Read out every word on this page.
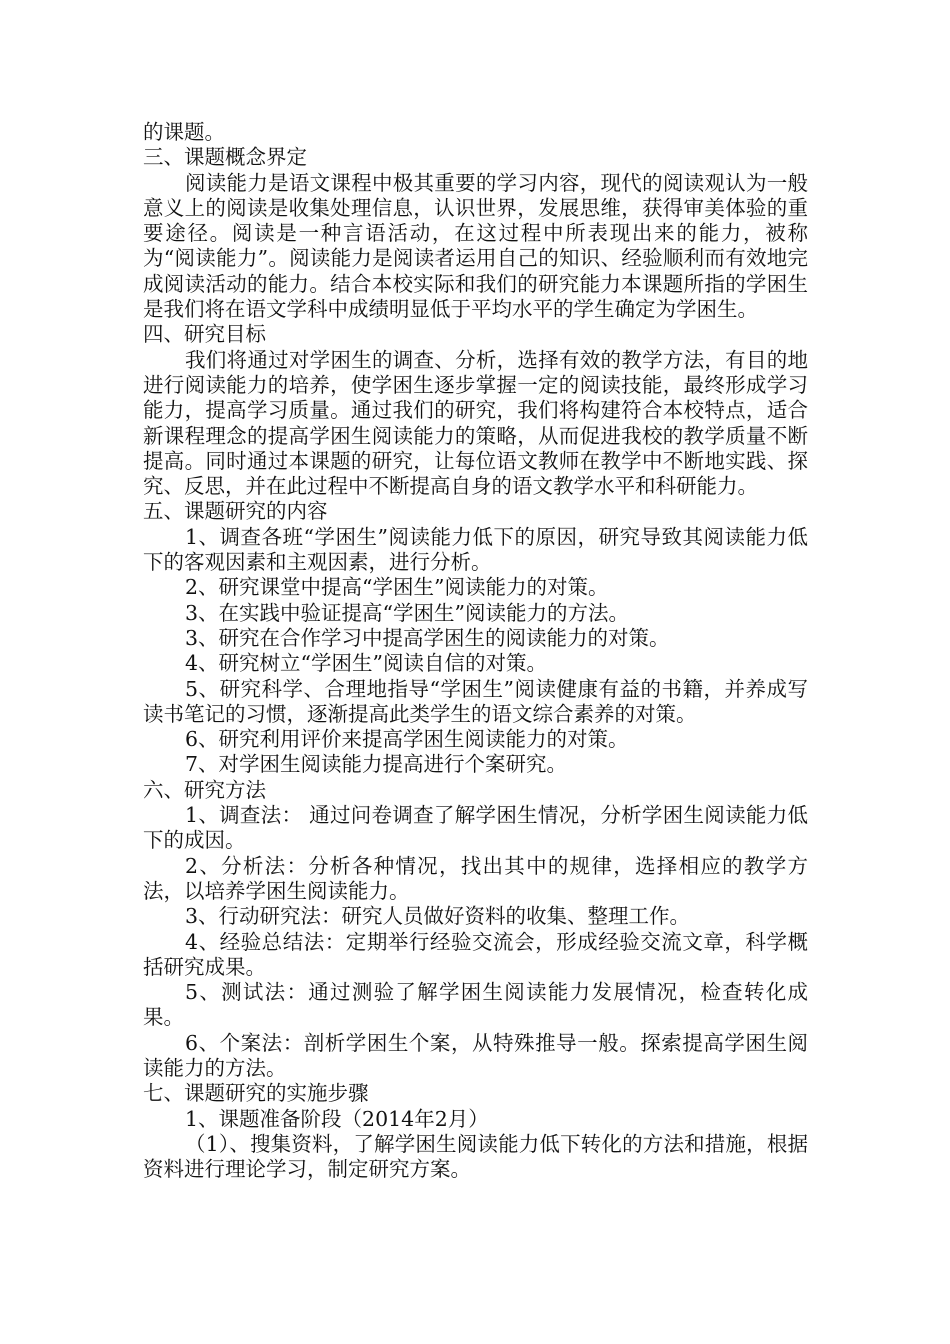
的课题。

三、课题概念界定

阅读能力是语文课程中极其重要的学习内容，现代的阅读观认为一般意义上的阅读是收集处理信息，认识世界，发展思维，获得审美体验的重要途径。阅读是一种言语活动，在这过程中所表现出来的能力，被称为“阅读能力”。阅读能力是阅读者运用自己的知识、经验顺利而有效地完成阅读活动的能力。结合本校实际和我们的研究能力本课题所指的学困生是我们将在语文学科中成绩明显低于平均水平的学生确定为学困生。

四、研究目标

我们将通过对学困生的调查、分析，选择有效的教学方法，有目的地进行阅读能力的培养，使学困生逐步掌握一定的阅读技能，最终形成学习能力，提高学习质量。通过我们的研究，我们将构建符合本校特点，适合新课程理念的提高学困生阅读能力的策略，从而促进我校的教学质量不断提高。同时通过本课题的研究，让每位语文教师在教学中不断地实践、探究、反思，并在此过程中不断提高自身的语文教学水平和科研能力。

五、课题研究的内容

1、调查各班“学困生”阅读能力低下的原因，研究导致其阅读能力低下的客观因素和主观因素，进行分析。

2、研究课堂中提高“学困生”阅读能力的对策。

3、在实践中验证提高“学困生”阅读能力的方法。

3、研究在合作学习中提高学困生的阅读能力的对策。

4、研究树立“学困生”阅读自信的对策。

5、研究科学、合理地指导“学困生”阅读健康有益的书籍，并养成写读书笔记的习惯，逐渐提高此类学生的语文综合素养的对策。

6、研究利用评价来提高学困生阅读能力的对策。

7、对学困生阅读能力提高进行个案研究。

六、研究方法

1、调查法： 通过问卷调查了解学困生情况，分析学困生阅读能力低下的成因。

2、分析法：分析各种情况，找出其中的规律，选择相应的教学方法，以培养学困生阅读能力。

3、行动研究法：研究人员做好资料的收集、整理工作。

4、经验总结法：定期举行经验交流会，形成经验交流文章，科学概括研究成果。

5、测试法：通过测验了解学困生阅读能力发展情况，检查转化成果。

6、个案法：剖析学困生个案，从特殊推导一般。探索提高学困生阅读能力的方法。

七、课题研究的实施步骤

1、课题准备阶段（2014年2月）

（1）、搜集资料，了解学困生阅读能力低下转化的方法和措施，根据资料进行理论学习，制定研究方案。
